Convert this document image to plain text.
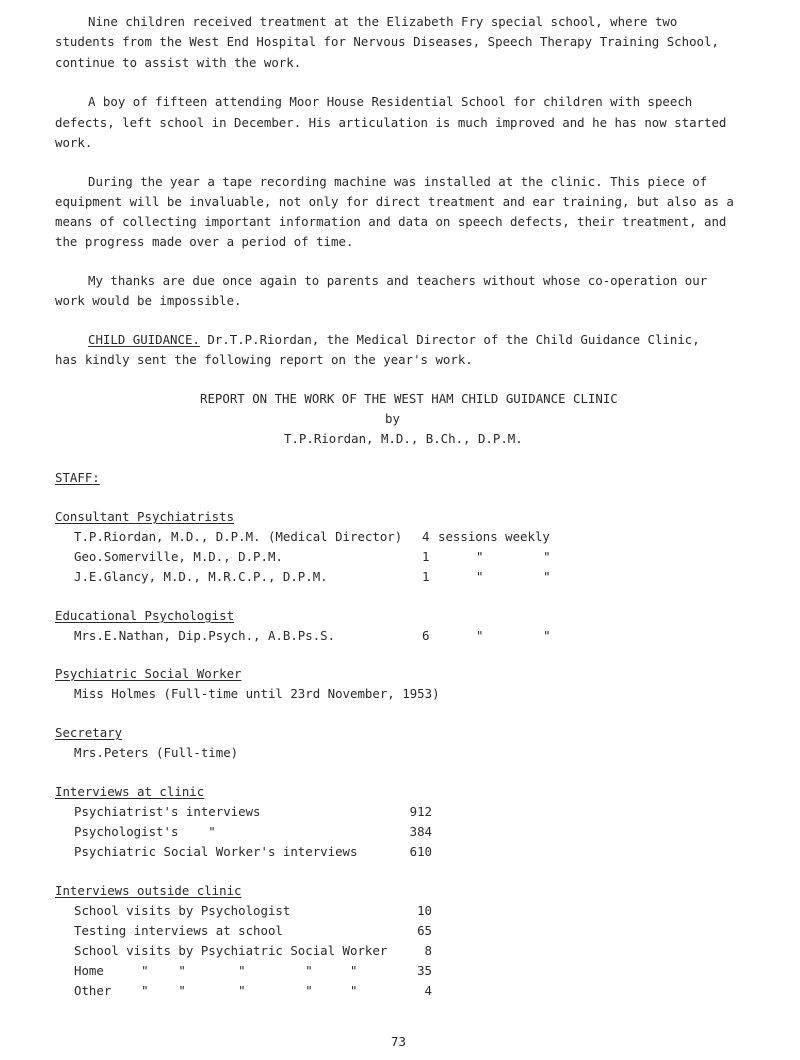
Nine children received treatment at the Elizabeth Fry special school, where two
students from the West End Hospital for Nervous Diseases, Speech Therapy Training School,
continue to assist with the work.
A boy of fifteen attending Moor House Residential School for children with speech
defects, left school in December. His articulation is much improved and he has now started
work.
During the year a tape recording machine was installed at the clinic. This piece of
equipment will be invaluable, not only for direct treatment and ear training, but also as a
means of collecting important information and data on speech defects, their treatment, and
the progress made over a period of time.
My thanks are due once again to parents and teachers without whose co-operation our
work would be impossible.
CHILD GUIDANCE. Dr.T.P.Riordan, the Medical Director of the Child Guidance Clinic,
has kindly sent the following report on the year's work.
REPORT ON THE WORK OF THE WEST HAM CHILD GUIDANCE CLINIC
by
T.P.Riordan, M.D., B.Ch., D.P.M.
STAFF:
Consultant Psychiatrists
T.P.Riordan, M.D., D.P.M. (Medical Director) 4 sessions weekly
Geo.Somerville, M.D., D.P.M.	1	"        "
J.E.Glancy, M.D., M.R.C.P., D.P.M.	1	"        "
Educational Psychologist
Mrs.E.Nathan, Dip.Psych., A.B.Ps.S.	6	"        "
Psychiatric Social Worker
Miss Holmes (Full-time until 23rd November, 1953)
Secretary
Mrs.Peters (Full-time)
Interviews at clinic
Psychiatrist's interviews	912
Psychologist's    "	384
Psychiatric Social Worker's interviews	610
Interviews outside clinic
School visits by Psychologist	10
Testing interviews at school	65
School visits by Psychiatric Social Worker	8
Home     "    "       "        "     "	35
Other    "    "       "        "     "	4
73
